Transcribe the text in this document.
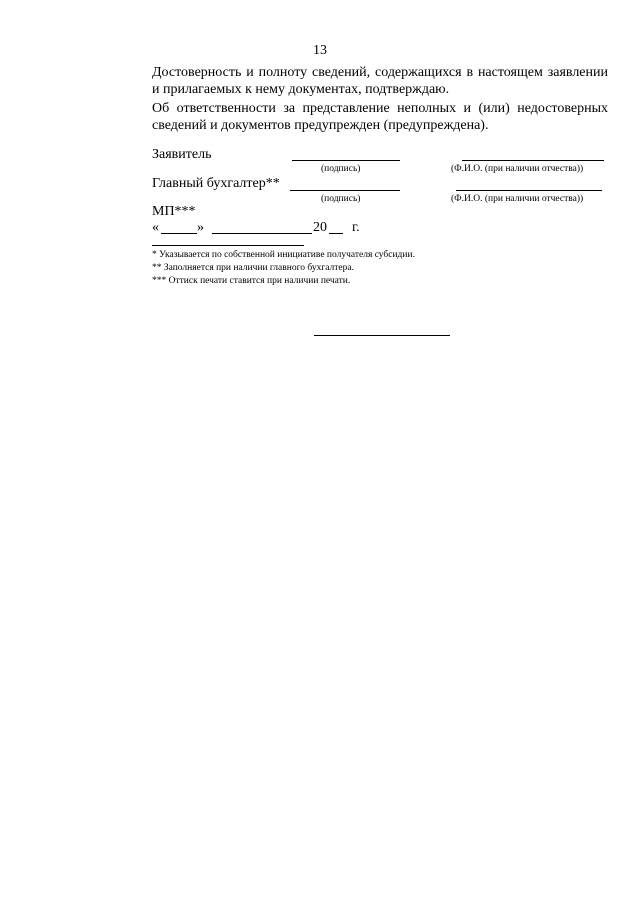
13
Достоверность и полноту сведений, содержащихся в настоящем заявлении и прилагаемых к нему документах, подтверждаю.
Об ответственности за представление неполных и (или) недостоверных сведений и документов предупрежден (предупреждена).
Заявитель
(подпись)	(Ф.И.О. (при наличии отчества))
Главный бухгалтер**
(подпись)	(Ф.И.О. (при наличии отчества))
МП***
«	»	20 г.
* Указывается по собственной инициативе получателя субсидии.
** Заполняется при наличии главного бухгалтера.
*** Оттиск печати ставится при наличии печати.
